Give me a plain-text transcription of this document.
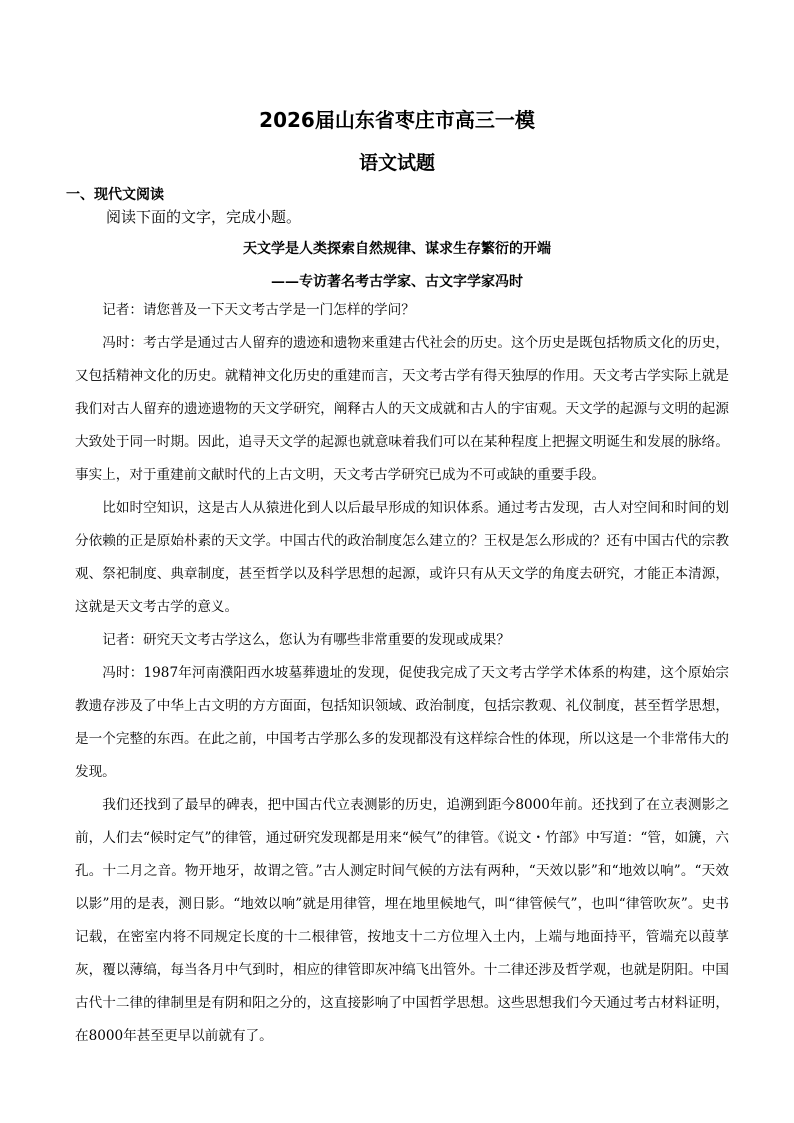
2026届山东省枣庄市高三一模
语文试题
一、现代文阅读
阅读下面的文字，完成小题。
天文学是人类探索自然规律、谋求生存繁衍的开端
——专访著名考古学家、古文字学家冯时

记者：请您普及一下天文考古学是一门怎样的学问？

冯时：考古学是通过古人留弃的遗迹和遗物来重建古代社会的历史。这个历史是既包括物质文化的历史，又包括精神文化的历史。就精神文化历史的重建而言，天文考古学有得天独厚的作用。天文考古学实际上就是我们对古人留弃的遗迹遗物的天文学研究，阐释古人的天文成就和古人的宇宙观。天文学的起源与文明的起源大致处于同一时期。因此，追寻天文学的起源也就意味着我们可以在某种程度上把握文明诞生和发展的脉络。事实上，对于重建前文献时代的上古文明，天文考古学研究已成为不可或缺的重要手段。

比如时空知识，这是古人从猿进化到人以后最早形成的知识体系。通过考古发现，古人对空间和时间的划分依赖的正是原始朴素的天文学。中国古代的政治制度怎么建立的？王权是怎么形成的？还有中国古代的宗教观、祭祀制度、典章制度，甚至哲学以及科学思想的起源，或许只有从天文学的角度去研究，才能正本清源，这就是天文考古学的意义。

记者：研究天文考古学这么，您认为有哪些非常重要的发现或成果？

冯时：1987年河南濮阳西水坡墓葬遗址的发现，促使我完成了天文考古学学术体系的构建，这个原始宗教遗存涉及了中华上古文明的方方面面，包括知识领域、政治制度，包括宗教观、礼仪制度，甚至哲学思想，是一个完整的东西。在此之前，中国考古学那么多的发现都没有这样综合性的体现，所以这是一个非常伟大的发现。

我们还找到了最早的碑表，把中国古代立表测影的历史，追溯到距今8000年前。还找到了在立表测影之前，人们去“候时定气”的律管，通过研究发现都是用来“候气”的律管。《说文・竹部》中写道：“管，如篪，六孔。十二月之音。物开地牙，故谓之管。”古人测定时间气候的方法有两种，“天效以影”和“地效以响”。“天效以影”用的是表，测日影。“地效以响”就是用律管，埋在地里候地气，叫“律管候气”，也叫“律管吹灰”。史书记载，在密室内将不同规定长度的十二根律管，按地支十二方位埋入土内，上端与地面持平，管端充以葭莩灰，覆以薄缟，每当各月中气到时，相应的律管即灰冲缟飞出管外。十二律还涉及哲学观，也就是阴阳。中国古代十二律的律制里是有阴和阳之分的，这直接影响了中国哲学思想。这些思想我们今天通过考古材料证明，在8000年甚至更早以前就有了。
